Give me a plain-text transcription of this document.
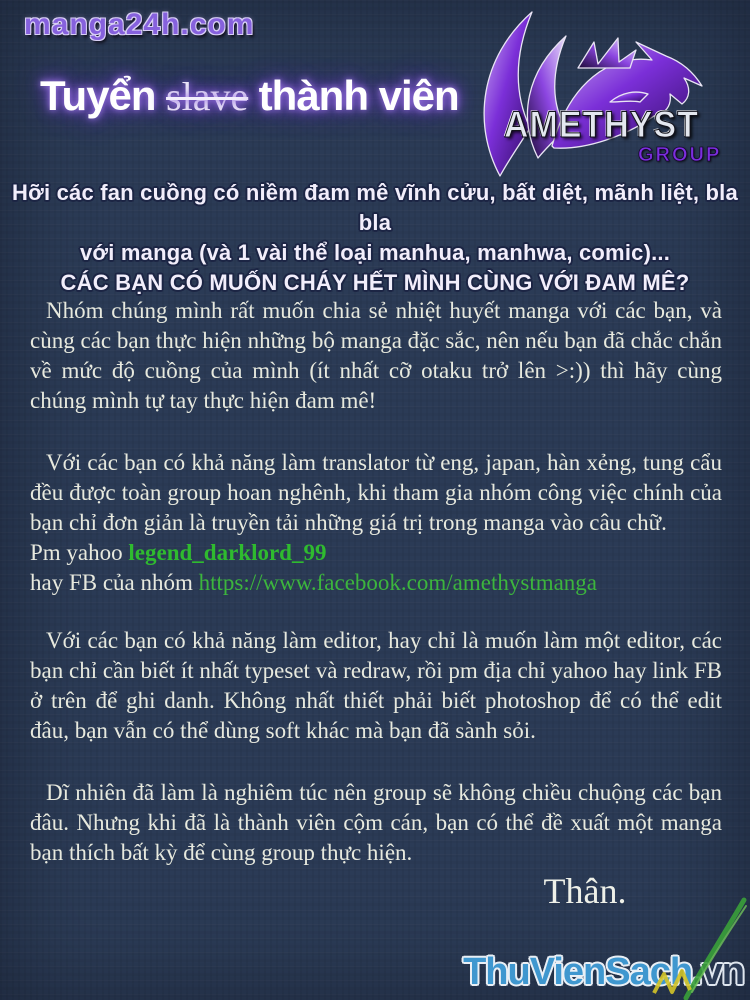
manga24h.com
Tuyển slave thành viên
AMETHYST
GROUP
Hỡi các fan cuồng có niềm đam mê vĩnh cửu, bất diệt, mãnh liệt, bla bla
với manga (và 1 vài thể loại manhua, manhwa, comic)...
CÁC BẠN CÓ MUỐN CHÁY HẾT MÌNH CÙNG VỚI ĐAM MÊ?

Nhóm chúng mình rất muốn chia sẻ nhiệt huyết manga với các bạn, và cùng các bạn thực hiện những bộ manga đặc sắc, nên nếu bạn đã chắc chắn về mức độ cuồng của mình (ít nhất cỡ otaku trở lên >:)) thì hãy cùng chúng mình tự tay thực hiện đam mê!

Với các bạn có khả năng làm translator từ eng, japan, hàn xẻng, tung cẩu đều được toàn group hoan nghênh, khi tham gia nhóm công việc chính của bạn chỉ đơn giản là truyền tải những giá trị trong manga vào câu chữ.

Pm yahoo legend_darklord_99
hay FB của nhóm https://www.facebook.com/amethystmanga

Với các bạn có khả năng làm editor, hay chỉ là muốn làm một editor, các bạn chỉ cần biết ít nhất typeset và redraw, rồi pm địa chỉ yahoo hay link FB ở trên để ghi danh. Không nhất thiết phải biết photoshop để có thể edit đâu, bạn vẫn có thể dùng soft khác mà bạn đã sành sỏi.

Dĩ nhiên đã làm là nghiêm túc nên group sẽ không chiều chuộng các bạn đâu. Nhưng khi đã là thành viên cộm cán, bạn có thể đề xuất một manga bạn thích bất kỳ để cùng group thực hiện.

Thân.
ThuVienSach.vn
